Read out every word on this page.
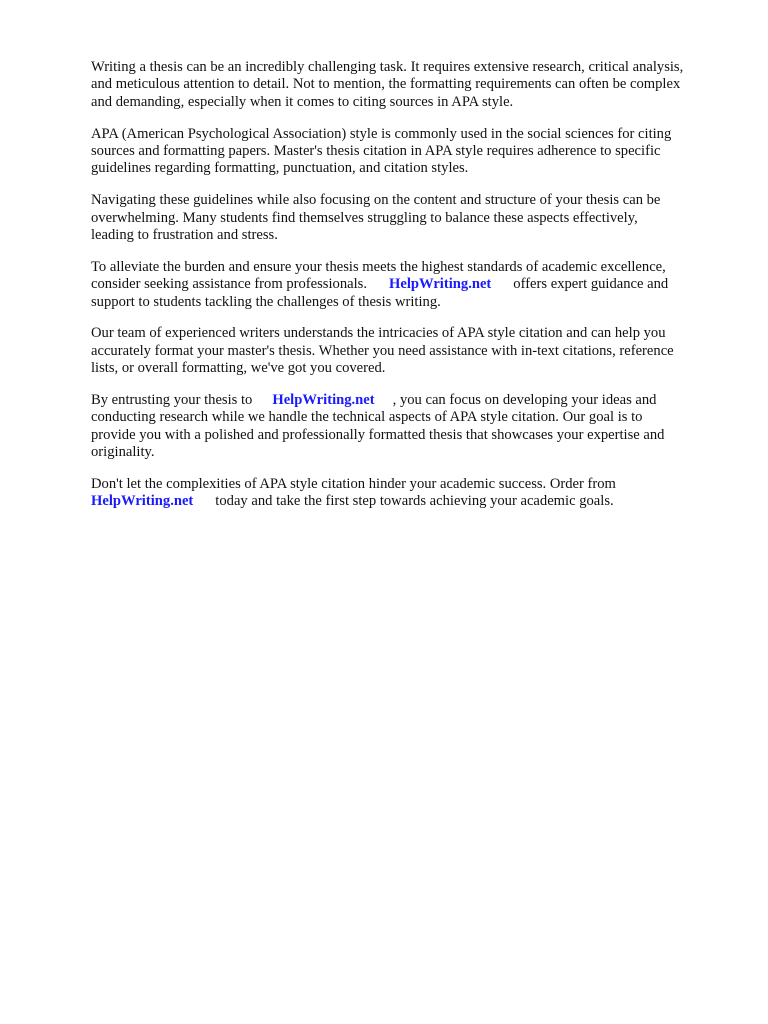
Writing a thesis can be an incredibly challenging task. It requires extensive research, critical analysis,
and meticulous attention to detail. Not to mention, the formatting requirements can often be complex
and demanding, especially when it comes to citing sources in APA style.

APA (American Psychological Association) style is commonly used in the social sciences for citing
sources and formatting papers. Master's thesis citation in APA style requires adherence to specific
guidelines regarding formatting, punctuation, and citation styles.

Navigating these guidelines while also focusing on the content and structure of your thesis can be
overwhelming. Many students find themselves struggling to balance these aspects effectively,
leading to frustration and stress.

To alleviate the burden and ensure your thesis meets the highest standards of academic excellence,
consider seeking assistance from professionals. HelpWriting.net offers expert guidance and
support to students tackling the challenges of thesis writing.

Our team of experienced writers understands the intricacies of APA style citation and can help you
accurately format your master's thesis. Whether you need assistance with in-text citations, reference
lists, or overall formatting, we've got you covered.

By entrusting your thesis to HelpWriting.net , you can focus on developing your ideas and
conducting research while we handle the technical aspects of APA style citation. Our goal is to
provide you with a polished and professionally formatted thesis that showcases your expertise and
originality.

Don't let the complexities of APA style citation hinder your academic success. Order from
HelpWriting.net today and take the first step towards achieving your academic goals.
